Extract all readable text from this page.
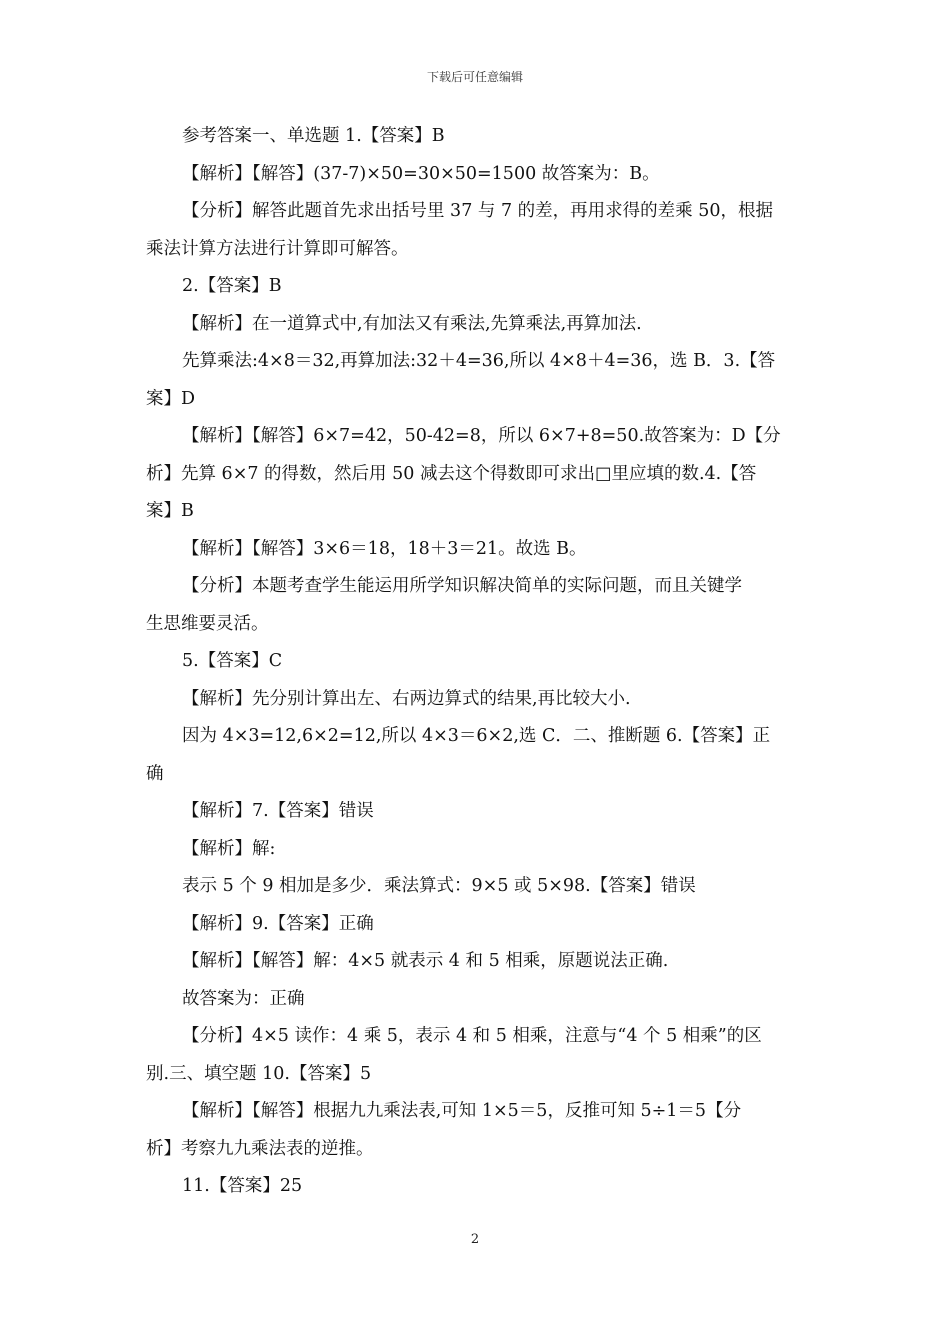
下载后可任意编辑

参考答案一、单选题 1.【答案】B

【解析】【解答】(37-7)×50=30×50=1500 故答案为：B。

【分析】解答此题首先求出括号里 37 与 7 的差，再用求得的差乘 50，根据

乘法计算方法进行计算即可解答。

2.【答案】B

【解析】在一道算式中,有加法又有乘法,先算乘法,再算加法.

先算乘法:4×8＝32,再算加法:32＋4=36,所以 4×8＋4=36，选 B．3.【答

案】D

【解析】【解答】6×7=42，50-42=8，所以 6×7+8=50.故答案为：D【分

析】先算 6×7 的得数，然后用 50 减去这个得数即可求出□里应填的数.4.【答

案】B

【解析】【解答】3×6＝18，18＋3＝21。故选 B。

【分析】本题考查学生能运用所学知识解决简单的实际问题，而且关键学

生思维要灵活。

5.【答案】C

【解析】先分别计算出左、右两边算式的结果,再比较大小.

因为 4×3=12,6×2=12,所以 4×3＝6×2,选 C．二、推断题 6.【答案】正

确

【解析】7.【答案】错误

【解析】解:

表示 5 个 9 相加是多少．乘法算式：9×5 或 5×98.【答案】错误

【解析】9.【答案】正确

【解析】【解答】解：4×5 就表示 4 和 5 相乘，原题说法正确.

故答案为：正确

【分析】4×5 读作：4 乘 5，表示 4 和 5 相乘，注意与“4 个 5 相乘”的区

别.三、填空题 10.【答案】5

【解析】【解答】根据九九乘法表,可知 1×5＝5，反推可知 5÷1＝5【分

析】考察九九乘法表的逆推。

11.【答案】25

2
